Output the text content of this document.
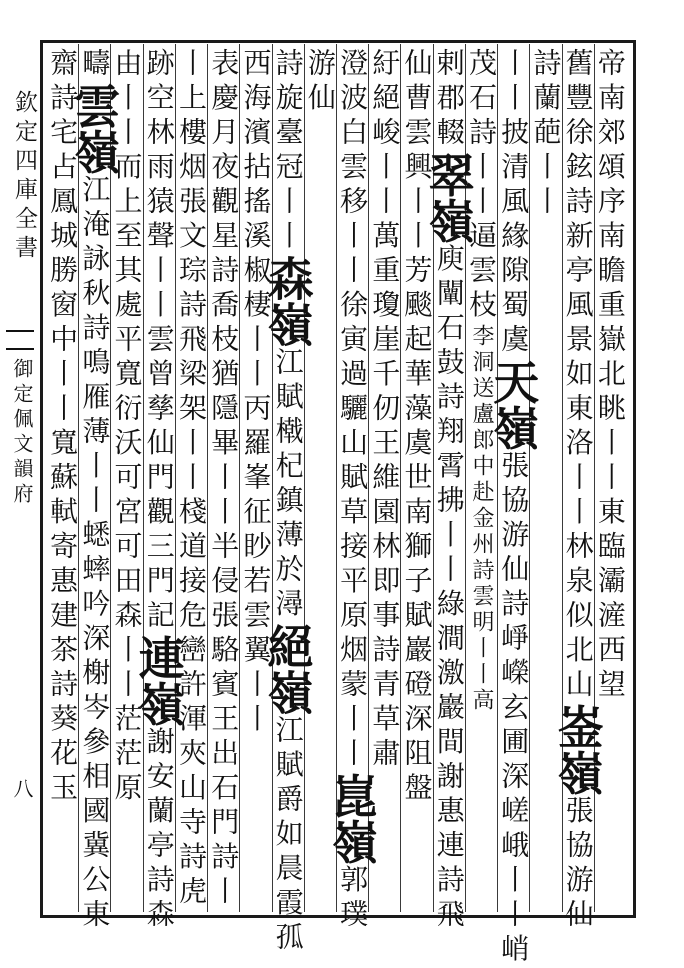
欽定四庫全書
御定佩文韻府
八
帝南郊頌序南瞻重嶽北眺丨丨東臨灞滻西望
舊豐徐鉉詩新亭風景如東洛丨丨林泉似北山崟嶺張協游仙
詩蘭葩丨丨
丨丨披清風緣隙蜀虞天嶺張協游仙詩崢嶸玄圃深嵯峨丨丨峭
茂石詩丨丨逼雲枝李洞送盧郎中赴金州詩雲明丨丨高
剌郡輟翠嶺庾闡石鼓詩翔霄拂丨丨綠澗激巖間謝惠連詩飛
仙曹雲興丨丨芳颷起華藻虞世南獅子賦巖磴深阻盤
紆絕峻丨丨萬重瓊崖千仞王維園林即事詩青草肅
澄波白雲移丨丨徐寅過驪山賦草接平原烟蒙丨丨崑嶺郭璞
游仙
詩旋臺冠丨丨森嶺江賦橶杞鎮薄於潯絕嶺江賦爵如晨霞孤
西海濱拈搖溪椒棲丨丨丙羅峯征眇若雲翼丨丨
表慶月夜觀星詩喬枝猶隱畢丨丨半侵張駱賓王出石門詩丨
丨上樓烟張文琮詩飛梁架丨丨棧道接危巒許渾夾山寺詩虎
跡空林雨猿聲丨丨雲曾孳仙門觀三門記連嶺謝安蘭亭詩森
由丨丨而上至其處平寬衍沃可宮可田森丨丨茫茫原
疇雲嶺江淹詠秋詩鳴雁薄丨丨蟋蟀吟深榭岑參相國冀公東
齋詩宅占鳳城勝窗中丨丨寬蘇軾寄惠建茶詩葵花玉
